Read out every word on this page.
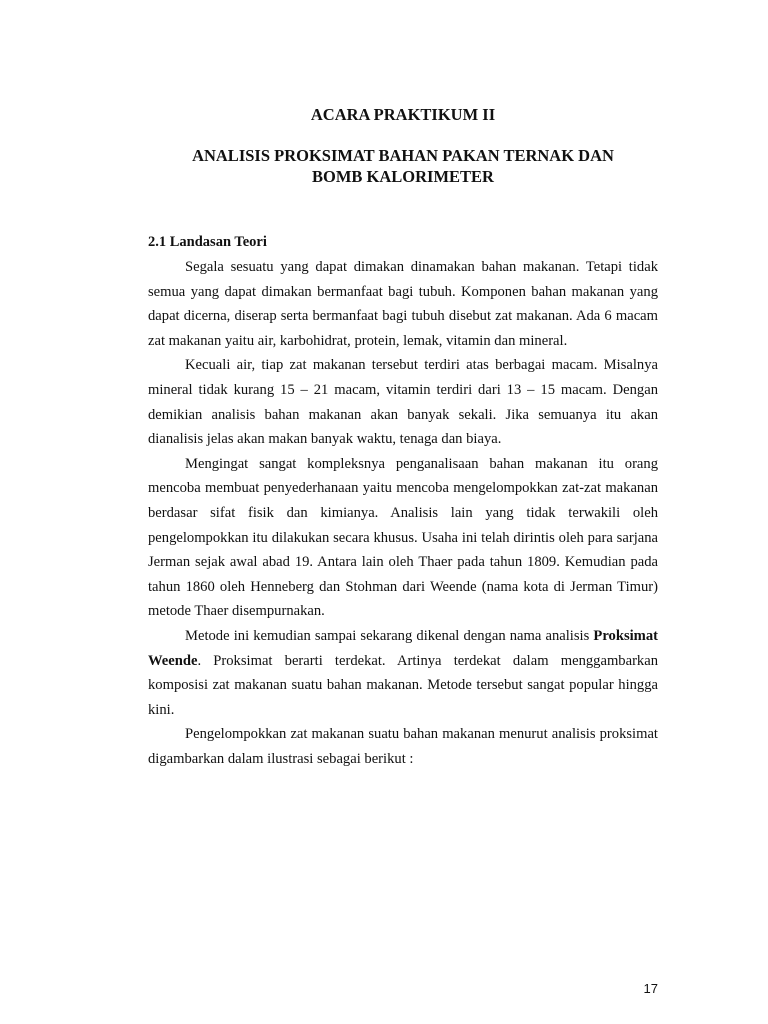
ACARA PRAKTIKUM II
ANALISIS PROKSIMAT BAHAN PAKAN TERNAK DAN
BOMB KALORIMETER
2.1 Landasan Teori

Segala sesuatu yang dapat dimakan dinamakan bahan makanan. Tetapi tidak semua yang dapat dimakan bermanfaat bagi tubuh. Komponen bahan makanan yang dapat dicerna, diserap serta bermanfaat bagi tubuh disebut zat makanan. Ada 6 macam zat makanan yaitu air, karbohidrat, protein, lemak, vitamin dan mineral.

Kecuali air, tiap zat makanan tersebut terdiri atas berbagai macam. Misalnya mineral tidak kurang 15 – 21 macam, vitamin terdiri dari 13 – 15 macam. Dengan demikian analisis bahan makanan akan banyak sekali. Jika semuanya itu akan dianalisis jelas akan makan banyak waktu, tenaga dan biaya.

Mengingat sangat kompleksnya penganalisaan bahan makanan itu orang mencoba membuat penyederhanaan yaitu mencoba mengelompokkan zat-zat makanan berdasar sifat fisik dan kimianya. Analisis lain yang tidak terwakili oleh pengelompokkan itu dilakukan secara khusus. Usaha ini telah dirintis oleh para sarjana Jerman sejak awal abad 19. Antara lain oleh Thaer pada tahun 1809. Kemudian pada tahun 1860 oleh Henneberg dan Stohman dari Weende (nama kota di Jerman Timur) metode Thaer disempurnakan.

Metode ini kemudian sampai sekarang dikenal dengan nama analisis Proksimat Weende. Proksimat berarti terdekat. Artinya terdekat dalam menggambarkan komposisi zat makanan suatu bahan makanan. Metode tersebut sangat popular hingga kini.

Pengelompokkan zat makanan suatu bahan makanan menurut analisis proksimat digambarkan dalam ilustrasi sebagai berikut :

17
